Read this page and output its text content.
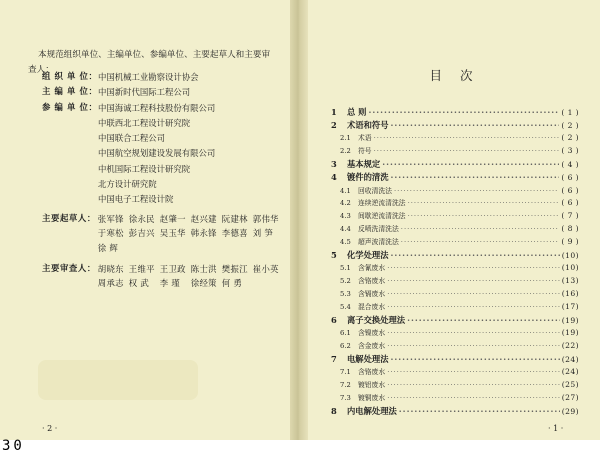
本规范组织单位、主编单位、参编单位、主要起草人和主要审
查人：
组 织 单 位： 中国机械工业勘察设计协会
主 编 单 位： 中国新时代国际工程公司
参 编 单 位： 中国海诚工程科技股份有限公司
中联西北工程设计研究院
中国联合工程公司
中国航空规划建设发展有限公司
中机国际工程设计研究院
北方设计研究院
中国电子工程设计院
主要起草人： 张军锋 徐永民 赵肇一 赵兴建 阮建林 郭伟华
于寒松 彭吉兴 吴玉华 韩永锋 李德喜 刘 笋
徐 辉
主要审查人： 胡晓东 王维平 王卫政 陈士洪 樊振江 崔小英
周承志 权 武	李 瑾	徐经策 何 勇
· 2 ·
目次
1	总 则 ·····	( 1 )
2	术语和符号 ·····	( 2 )
2.1	术语 ·····	( 2 )
2.2	符号 ·····	( 3 )
3	基本规定 ·····	( 4 )
4	镀件的清洗 ·····	( 6 )
4.1	回收清洗法 ·····	( 6 )
4.2	连续逆流清洗法 ·····	( 6 )
4.3	间歇逆流清洗法 ·····	( 7 )
4.4	反喷洗清洗法 ·····	( 8 )
4.5	超声波清洗法 ·····	( 9 )
5	化学处理法 ·····	(10)
5.1	含氰废水 ·····	(10)
5.2	含铬废水 ·····	(13)
5.3	含镉废水 ·····	(16)
5.4	混合废水 ·····	(17)
6	离子交换处理法 ·····	(19)
6.1	含镍废水 ·····	(19)
6.2	含金废水 ·····	(22)
7	电解处理法 ·····	(24)
7.1	含铬废水 ·····	(24)
7.2	镀铝废水 ·····	(25)
7.3	镀铜废水 ·····	(27)
8	内电解处理法 ·····	(29)
· 1 ·
30
